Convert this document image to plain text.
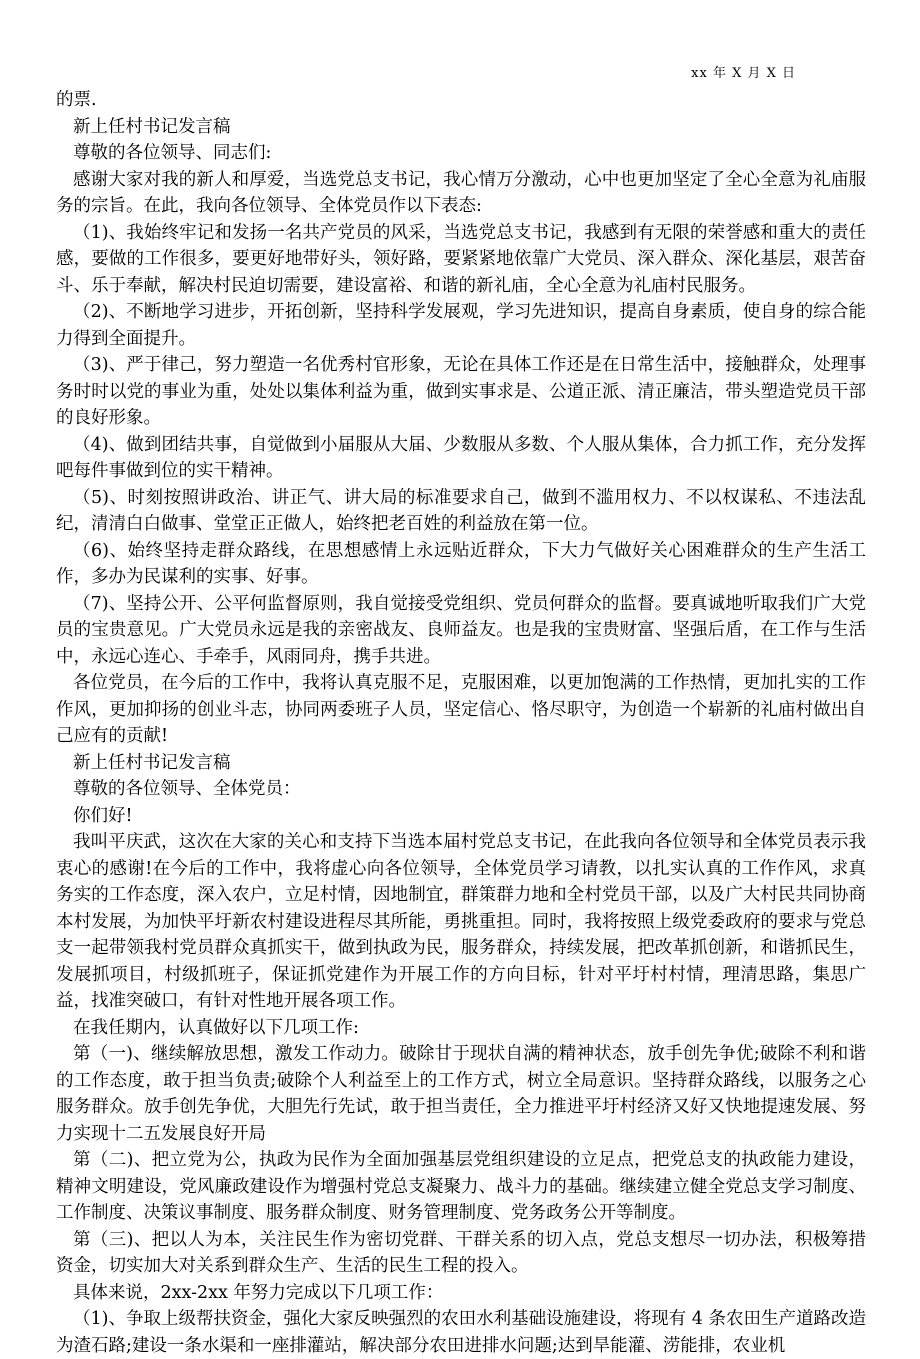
xx 年 X 月 X 日

的票.

新上任村书记发言稿

尊敬的各位领导、同志们:

感谢大家对我的新人和厚爱，当选党总支书记，我心情万分激动，心中也更加坚定了全心全意为礼庙服务的宗旨。在此，我向各位领导、全体党员作以下表态:

（1)、我始终牢记和发扬一名共产党员的风采，当选党总支书记，我感到有无限的荣誉感和重大的责任感，要做的工作很多，要更好地带好头，领好路，要紧紧地依靠广大党员、深入群众、深化基层，艰苦奋斗、乐于奉献，解决村民迫切需要，建设富裕、和谐的新礼庙，全心全意为礼庙村民服务。

（2)、不断地学习进步，开拓创新，坚持科学发展观，学习先进知识，提高自身素质，使自身的综合能力得到全面提升。

（3)、严于律己，努力塑造一名优秀村官形象，无论在具体工作还是在日常生活中，接触群众，处理事务时时以党的事业为重，处处以集体利益为重，做到实事求是、公道正派、清正廉洁，带头塑造党员干部的良好形象。

（4)、做到团结共事，自觉做到小届服从大届、少数服从多数、个人服从集体，合力抓工作，充分发挥吧每件事做到位的实干精神。

（5)、时刻按照讲政治、讲正气、讲大局的标准要求自己，做到不滥用权力、不以权谋私、不违法乱纪，清清白白做事、堂堂正正做人，始终把老百姓的利益放在第一位。

（6)、始终坚持走群众路线，在思想感情上永远贴近群众，下大力气做好关心困难群众的生产生活工作，多办为民谋利的实事、好事。

（7)、坚持公开、公平何监督原则，我自觉接受党组织、党员何群众的监督。要真诚地听取我们广大党员的宝贵意见。广大党员永远是我的亲密战友、良师益友。也是我的宝贵财富、坚强后盾，在工作与生活中，永远心连心、手牵手，风雨同舟，携手共进。

各位党员，在今后的工作中，我将认真克服不足，克服困难，以更加饱满的工作热情，更加扎实的工作作风，更加抑扬的创业斗志，协同两委班子人员，坚定信心、恪尽职守，为创造一个崭新的礼庙村做出自己应有的贡献!

新上任村书记发言稿

尊敬的各位领导、全体党员：

你们好!

我叫平庆武，这次在大家的关心和支持下当选本届村党总支书记，在此我向各位领导和全体党员表示我衷心的感谢!在今后的工作中，我将虚心向各位领导，全体党员学习请教，以扎实认真的工作作风，求真务实的工作态度，深入农户，立足村情，因地制宜，群策群力地和全村党员干部，以及广大村民共同协商本村发展，为加快平圩新农村建设进程尽其所能，勇挑重担。同时，我将按照上级党委政府的要求与党总支一起带领我村党员群众真抓实干，做到执政为民，服务群众，持续发展，把改革抓创新，和谐抓民生，发展抓项目，村级抓班子，保证抓党建作为开展工作的方向目标，针对平圩村村情，理清思路，集思广益，找准突破口，有针对性地开展各项工作。

在我任期内，认真做好以下几项工作:

第（一)、继续解放思想，激发工作动力。破除甘于现状自满的精神状态，放手创先争优;破除不利和谐的工作态度，敢于担当负责;破除个人利益至上的工作方式，树立全局意识。坚持群众路线，以服务之心服务群众。放手创先争优，大胆先行先试，敢于担当责任，全力推进平圩村经济又好又快地提速发展、努力实现十二五发展良好开局

第（二)、把立党为公，执政为民作为全面加强基层党组织建设的立足点，把党总支的执政能力建设，精神文明建设，党风廉政建设作为增强村党总支凝聚力、战斗力的基础。继续建立健全党总支学习制度、工作制度、决策议事制度、服务群众制度、财务管理制度、党务政务公开等制度。

第（三)、把以人为本，关注民生作为密切党群、干群关系的切入点，党总支想尽一切办法，积极筹措资金，切实加大对关系到群众生产、生活的民生工程的投入。

具体来说，2xx-2xx 年努力完成以下几项工作：

（1)、争取上级帮扶资金，强化大家反映强烈的农田水利基础设施建设，将现有 4 条农田生产道路改造为渣石路;建设一条水渠和一座排灌站，解决部分农田进排水问题;达到旱能灌、涝能排，农业机
